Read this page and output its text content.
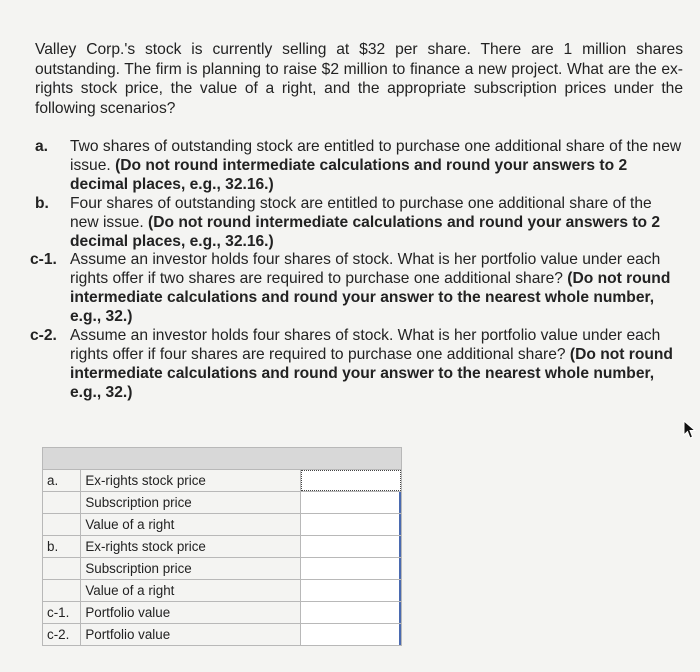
Valley Corp.'s stock is currently selling at $32 per share. There are 1 million shares outstanding. The firm is planning to raise $2 million to finance a new project. What are the ex-rights stock price, the value of a right, and the appropriate subscription prices under the following scenarios?

a. Two shares of outstanding stock are entitled to purchase one additional share of the new issue. (Do not round intermediate calculations and round your answers to 2 decimal places, e.g., 32.16.)
b. Four shares of outstanding stock are entitled to purchase one additional share of the new issue. (Do not round intermediate calculations and round your answers to 2 decimal places, e.g., 32.16.)
c-1. Assume an investor holds four shares of stock. What is her portfolio value under each rights offer if two shares are required to purchase one additional share? (Do not round intermediate calculations and round your answer to the nearest whole number, e.g., 32.)
c-2. Assume an investor holds four shares of stock. What is her portfolio value under each rights offer if four shares are required to purchase one additional share? (Do not round intermediate calculations and round your answer to the nearest whole number, e.g., 32.)

a.	Ex-rights stock price	

	Subscription price	

	Value of a right	

b.	Ex-rights stock price	

	Subscription price	

	Value of a right	

c-1.	Portfolio value	

c-2.	Portfolio value	
